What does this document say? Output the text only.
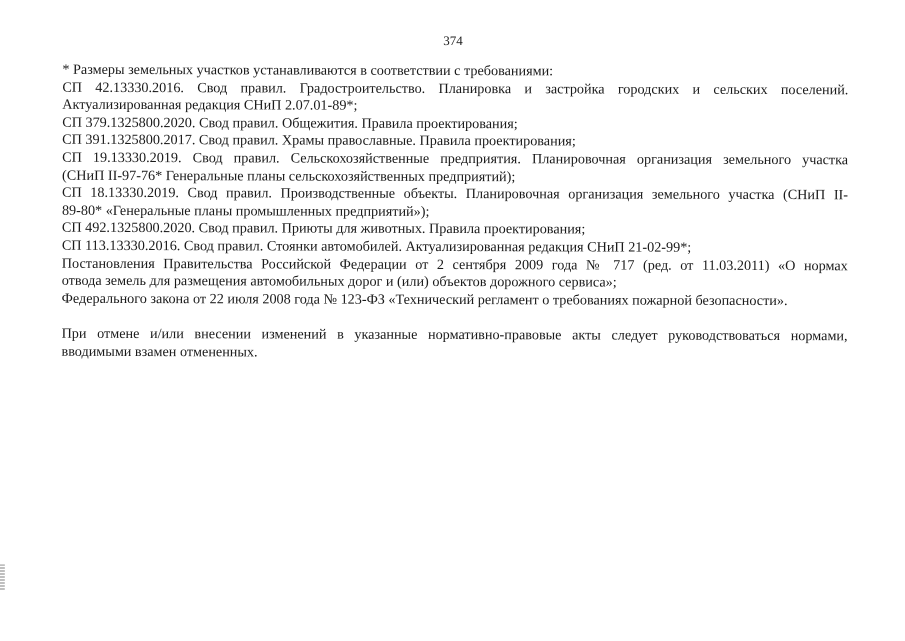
374
* Размеры земельных участков устанавливаются в соответствии с требованиями:
СП 42.13330.2016. Свод правил. Градостроительство. Планировка и застройка городских и сельских поселений.
Актуализированная редакция СНиП 2.07.01-89*;
СП 379.1325800.2020. Свод правил. Общежития. Правила проектирования;
СП 391.1325800.2017. Свод правил. Храмы православные. Правила проектирования;
СП 19.13330.2019. Свод правил. Сельскохозяйственные предприятия. Планировочная организация земельного участка
(СНиП II-97-76* Генеральные планы сельскохозяйственных предприятий);
СП 18.13330.2019. Свод правил. Производственные объекты. Планировочная организация земельного участка (СНиП II-
89-80* «Генеральные планы промышленных предприятий»);
СП 492.1325800.2020. Свод правил. Приюты для животных. Правила проектирования;
СП 113.13330.2016. Свод правил. Стоянки автомобилей. Актуализированная редакция СНиП 21-02-99*;
Постановления Правительства Российской Федерации от 2 сентября 2009 года № 717 (ред. от 11.03.2011) «О нормах
отвода земель для размещения автомобильных дорог и (или) объектов дорожного сервиса»;
Федерального закона от 22 июля 2008 года № 123-ФЗ «Технический регламент о требованиях пожарной безопасности».
При отмене и/или внесении изменений в указанные нормативно-правовые акты следует руководствоваться нормами,
вводимыми взамен отмененных.
